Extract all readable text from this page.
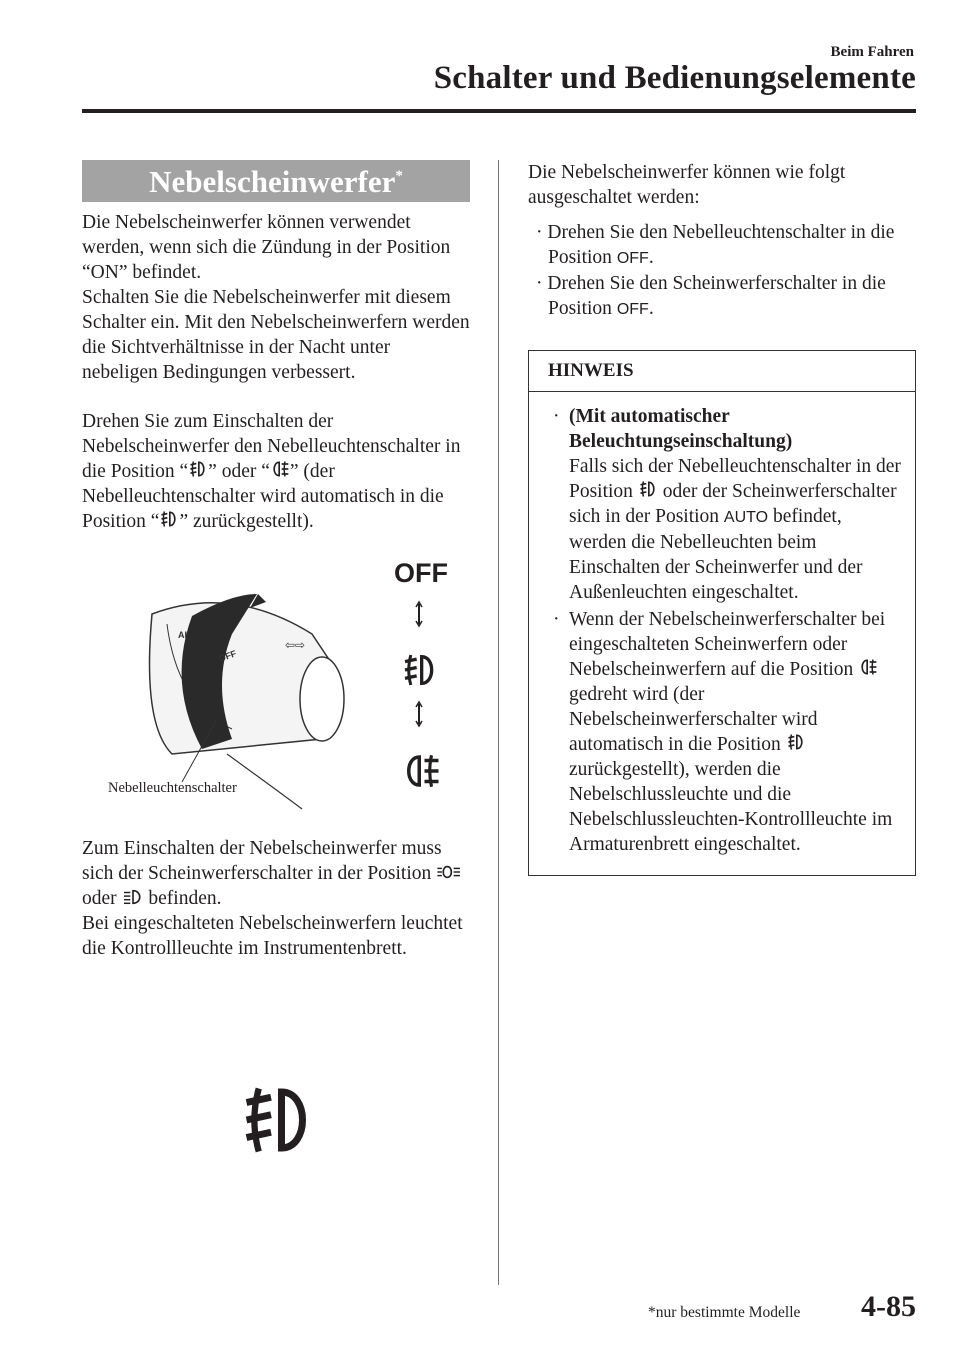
Beim Fahren
Schalter und Bedienungselemente
Nebelscheinwerfer*

Die Nebelscheinwerfer können verwendet werden, wenn sich die Zündung in der Position “ON” befindet.

Schalten Sie die Nebelscheinwerfer mit diesem Schalter ein. Mit den Nebelscheinwerfern werden die Sichtverhältnisse in der Nacht unter nebeligen Bedingungen verbessert.

Drehen Sie zum Einschalten der Nebelscheinwerfer den Nebelleuchtenschalter in die Position “ ” oder “ ” (der Nebelleuchtenschalter wird automatisch in die Position “ ” zurückgestellt).

OFF
AI
⇦⇨
OFF
Nebelleuchtenschalter

Zum Einschalten der Nebelscheinwerfer muss sich der Scheinwerferschalter in der Position  oder  befinden.

Bei eingeschalteten Nebelscheinwerfern leuchtet die Kontrollleuchte im Instrumentenbrett.

Die Nebelscheinwerfer können wie folgt ausgeschaltet werden:

· Drehen Sie den Nebelleuchtenschalter in die Position OFF.
· Drehen Sie den Scheinwerferschalter in die Position OFF.
HINWEIS
· (Mit automatischer Beleuchtungseinschaltung)
Falls sich der Nebelleuchtenschalter in der Position  oder der Scheinwerferschalter sich in der Position AUTO befindet, werden die Nebelleuchten beim Einschalten der Scheinwerfer und der Außenleuchten eingeschaltet.
· Wenn der Nebelscheinwerferschalter bei eingeschalteten Scheinwerfern oder Nebelscheinwerfern auf die Position  gedreht wird (der Nebelscheinwerferschalter wird automatisch in die Position  zurückgestellt), werden die Nebelschlussleuchte und die Nebelschlussleuchten-Kontrollleuchte im Armaturenbrett eingeschaltet.
*nur bestimmte Modelle 4-85
